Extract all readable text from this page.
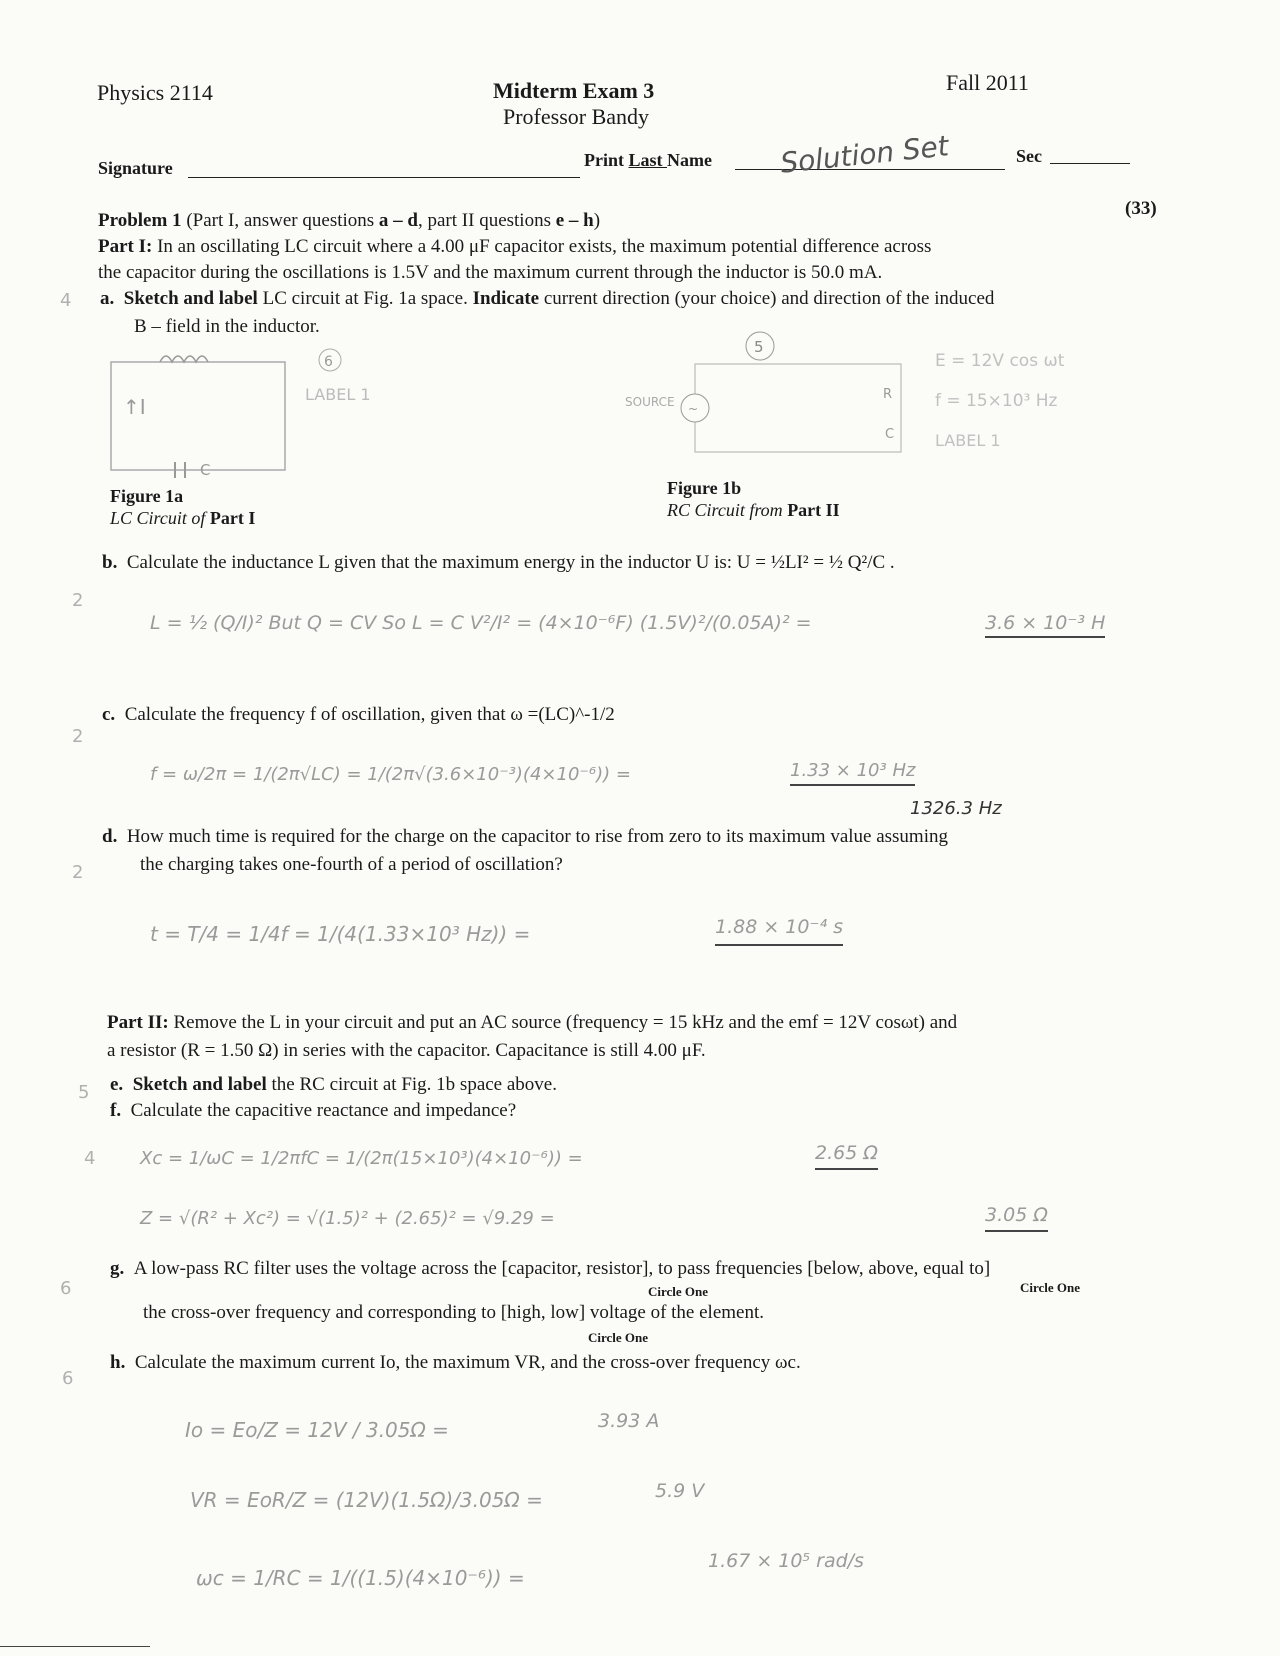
Physics 2114	Midterm Exam 3
Professor Bandy
Fall 2011
Signature	Print Last Name Solution Set	Sec
Problem 1 (Part I, answer questions a – d, part II questions e – h)
(33)
Part I: In an oscillating LC circuit where a 4.00 μF capacitor exists, the maximum potential difference across
the capacitor during the oscillations is 1.5V and the maximum current through the inductor is 50.0 mA.
4 a. Sketch and label LC circuit at Fig. 1a space. Indicate current direction (your choice) and direction of the induced
B – field in the inductor.
↑I
C
LABEL 1
6
Figure 1a
LC Circuit of Part I
5
~
SOURCE	R
C
E = 12V cos ωt
f = 15×10³ Hz
LABEL 1
Figure 1b
RC Circuit from Part II
2
b. Calculate the inductance L given that the maximum energy in the inductor U is: U = ½LI² = ½ Q²/C .
L = ½ (Q/I)² But Q = CV So L = C V²/I² = (4×10⁻⁶F) (1.5V)²/(0.05A)² =	3.6 × 10⁻³ H
2
c. Calculate the frequency f of oscillation, given that ω =(LC)^-1/2
f = ω/2π = 1/(2π√LC) = 1/(2π√(3.6×10⁻³)(4×10⁻⁶)) =	1.33 × 10³ Hz
1326.3 Hz
2
d. How much time is required for the charge on the capacitor to rise from zero to its maximum value assuming
the charging takes one-fourth of a period of oscillation?
t = T/4 = 1/4f = 1/(4(1.33×10³ Hz)) =	1.88 × 10⁻⁴ s
Part II: Remove the L in your circuit and put an AC source (frequency = 15 kHz and the emf = 12V cosωt) and
a resistor (R = 1.50 Ω) in series with the capacitor. Capacitance is still 4.00 μF.
5 e. Sketch and label the RC circuit at Fig. 1b space above.
f. Calculate the capacitive reactance and impedance?
4 Xc = 1/ωC = 1/2πfC = 1/(2π(15×10³)(4×10⁻⁶)) =	2.65 Ω
Z = √(R² + Xc²) = √(1.5)² + (2.65)² = √9.29 =	3.05 Ω
6
g. A low-pass RC filter uses the voltage across the [capacitor, resistor], to pass frequencies [below, above, equal to]
Circle One	Circle One
the cross-over frequency and corresponding to [high, low] voltage of the element.
Circle One
6
h. Calculate the maximum current Io, the maximum VR, and the cross-over frequency ωc.
Io = Eo/Z = 12V / 3.05Ω =	3.93 A
VR = EoR/Z = (12V)(1.5Ω)/3.05Ω =	5.9 V
ωc = 1/RC = 1/((1.5)(4×10⁻⁶)) =
1.67 × 10⁵ rad/s
